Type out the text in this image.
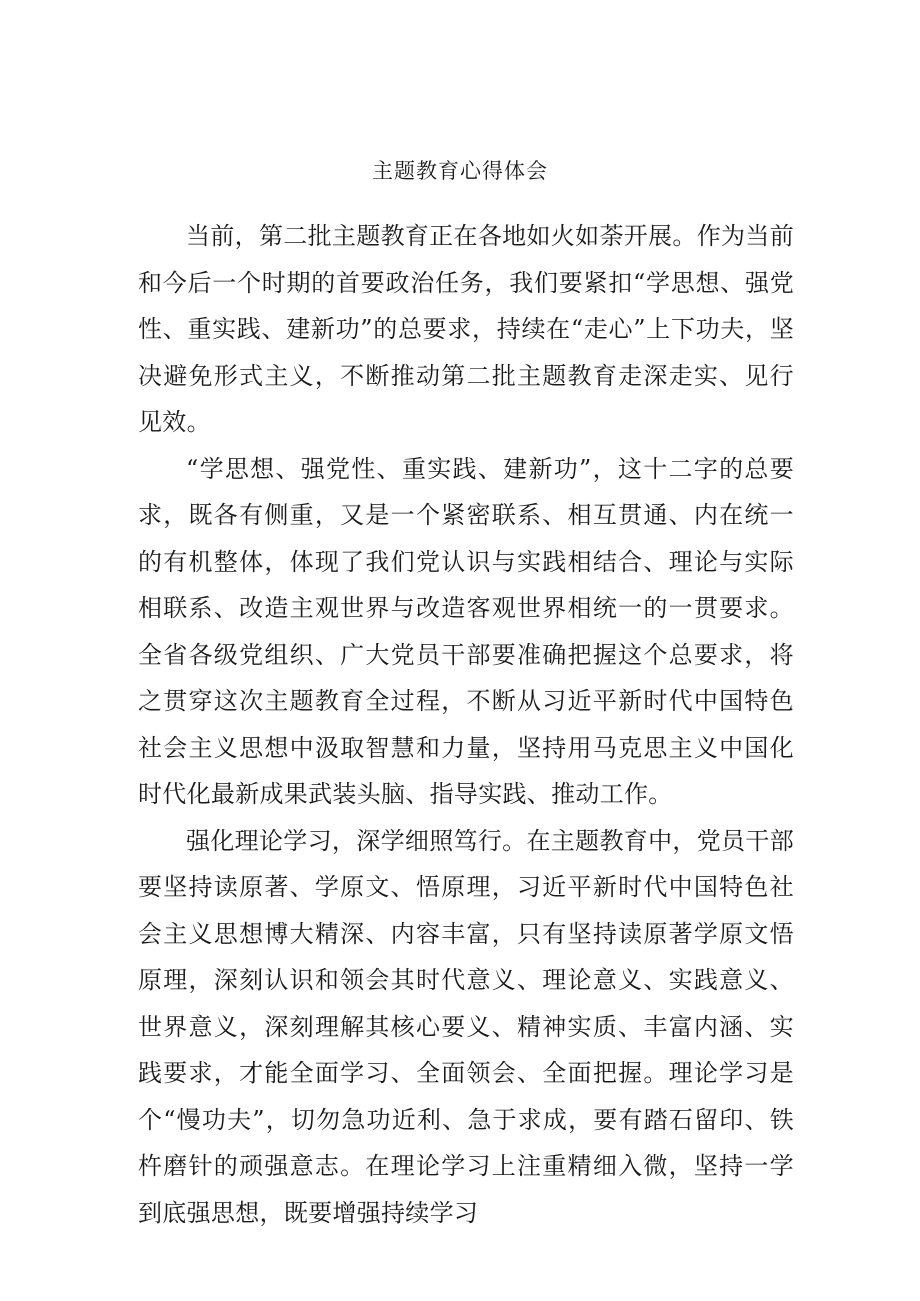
主题教育心得体会

当前，第二批主题教育正在各地如火如荼开展。作为当前和今后一个时期的首要政治任务，我们要紧扣“学思想、强党性、重实践、建新功”的总要求，持续在“走心”上下功夫，坚决避免形式主义，不断推动第二批主题教育走深走实、见行见效。

“学思想、强党性、重实践、建新功”，这十二字的总要求，既各有侧重，又是一个紧密联系、相互贯通、内在统一的有机整体，体现了我们党认识与实践相结合、理论与实际相联系、改造主观世界与改造客观世界相统一的一贯要求。全省各级党组织、广大党员干部要准确把握这个总要求，将之贯穿这次主题教育全过程，不断从习近平新时代中国特色社会主义思想中汲取智慧和力量，坚持用马克思主义中国化时代化最新成果武装头脑、指导实践、推动工作。

强化理论学习，深学细照笃行。在主题教育中，党员干部要坚持读原著、学原文、悟原理，习近平新时代中国特色社会主义思想博大精深、内容丰富，只有坚持读原著学原文悟原理，深刻认识和领会其时代意义、理论意义、实践意义、世界意义，深刻理解其核心要义、精神实质、丰富内涵、实践要求，才能全面学习、全面领会、全面把握。理论学习是个“慢功夫”，切勿急功近利、急于求成，要有踏石留印、铁杵磨针的顽强意志。在理论学习上注重精细入微，坚持一学到底强思想，既要增强持续学习
